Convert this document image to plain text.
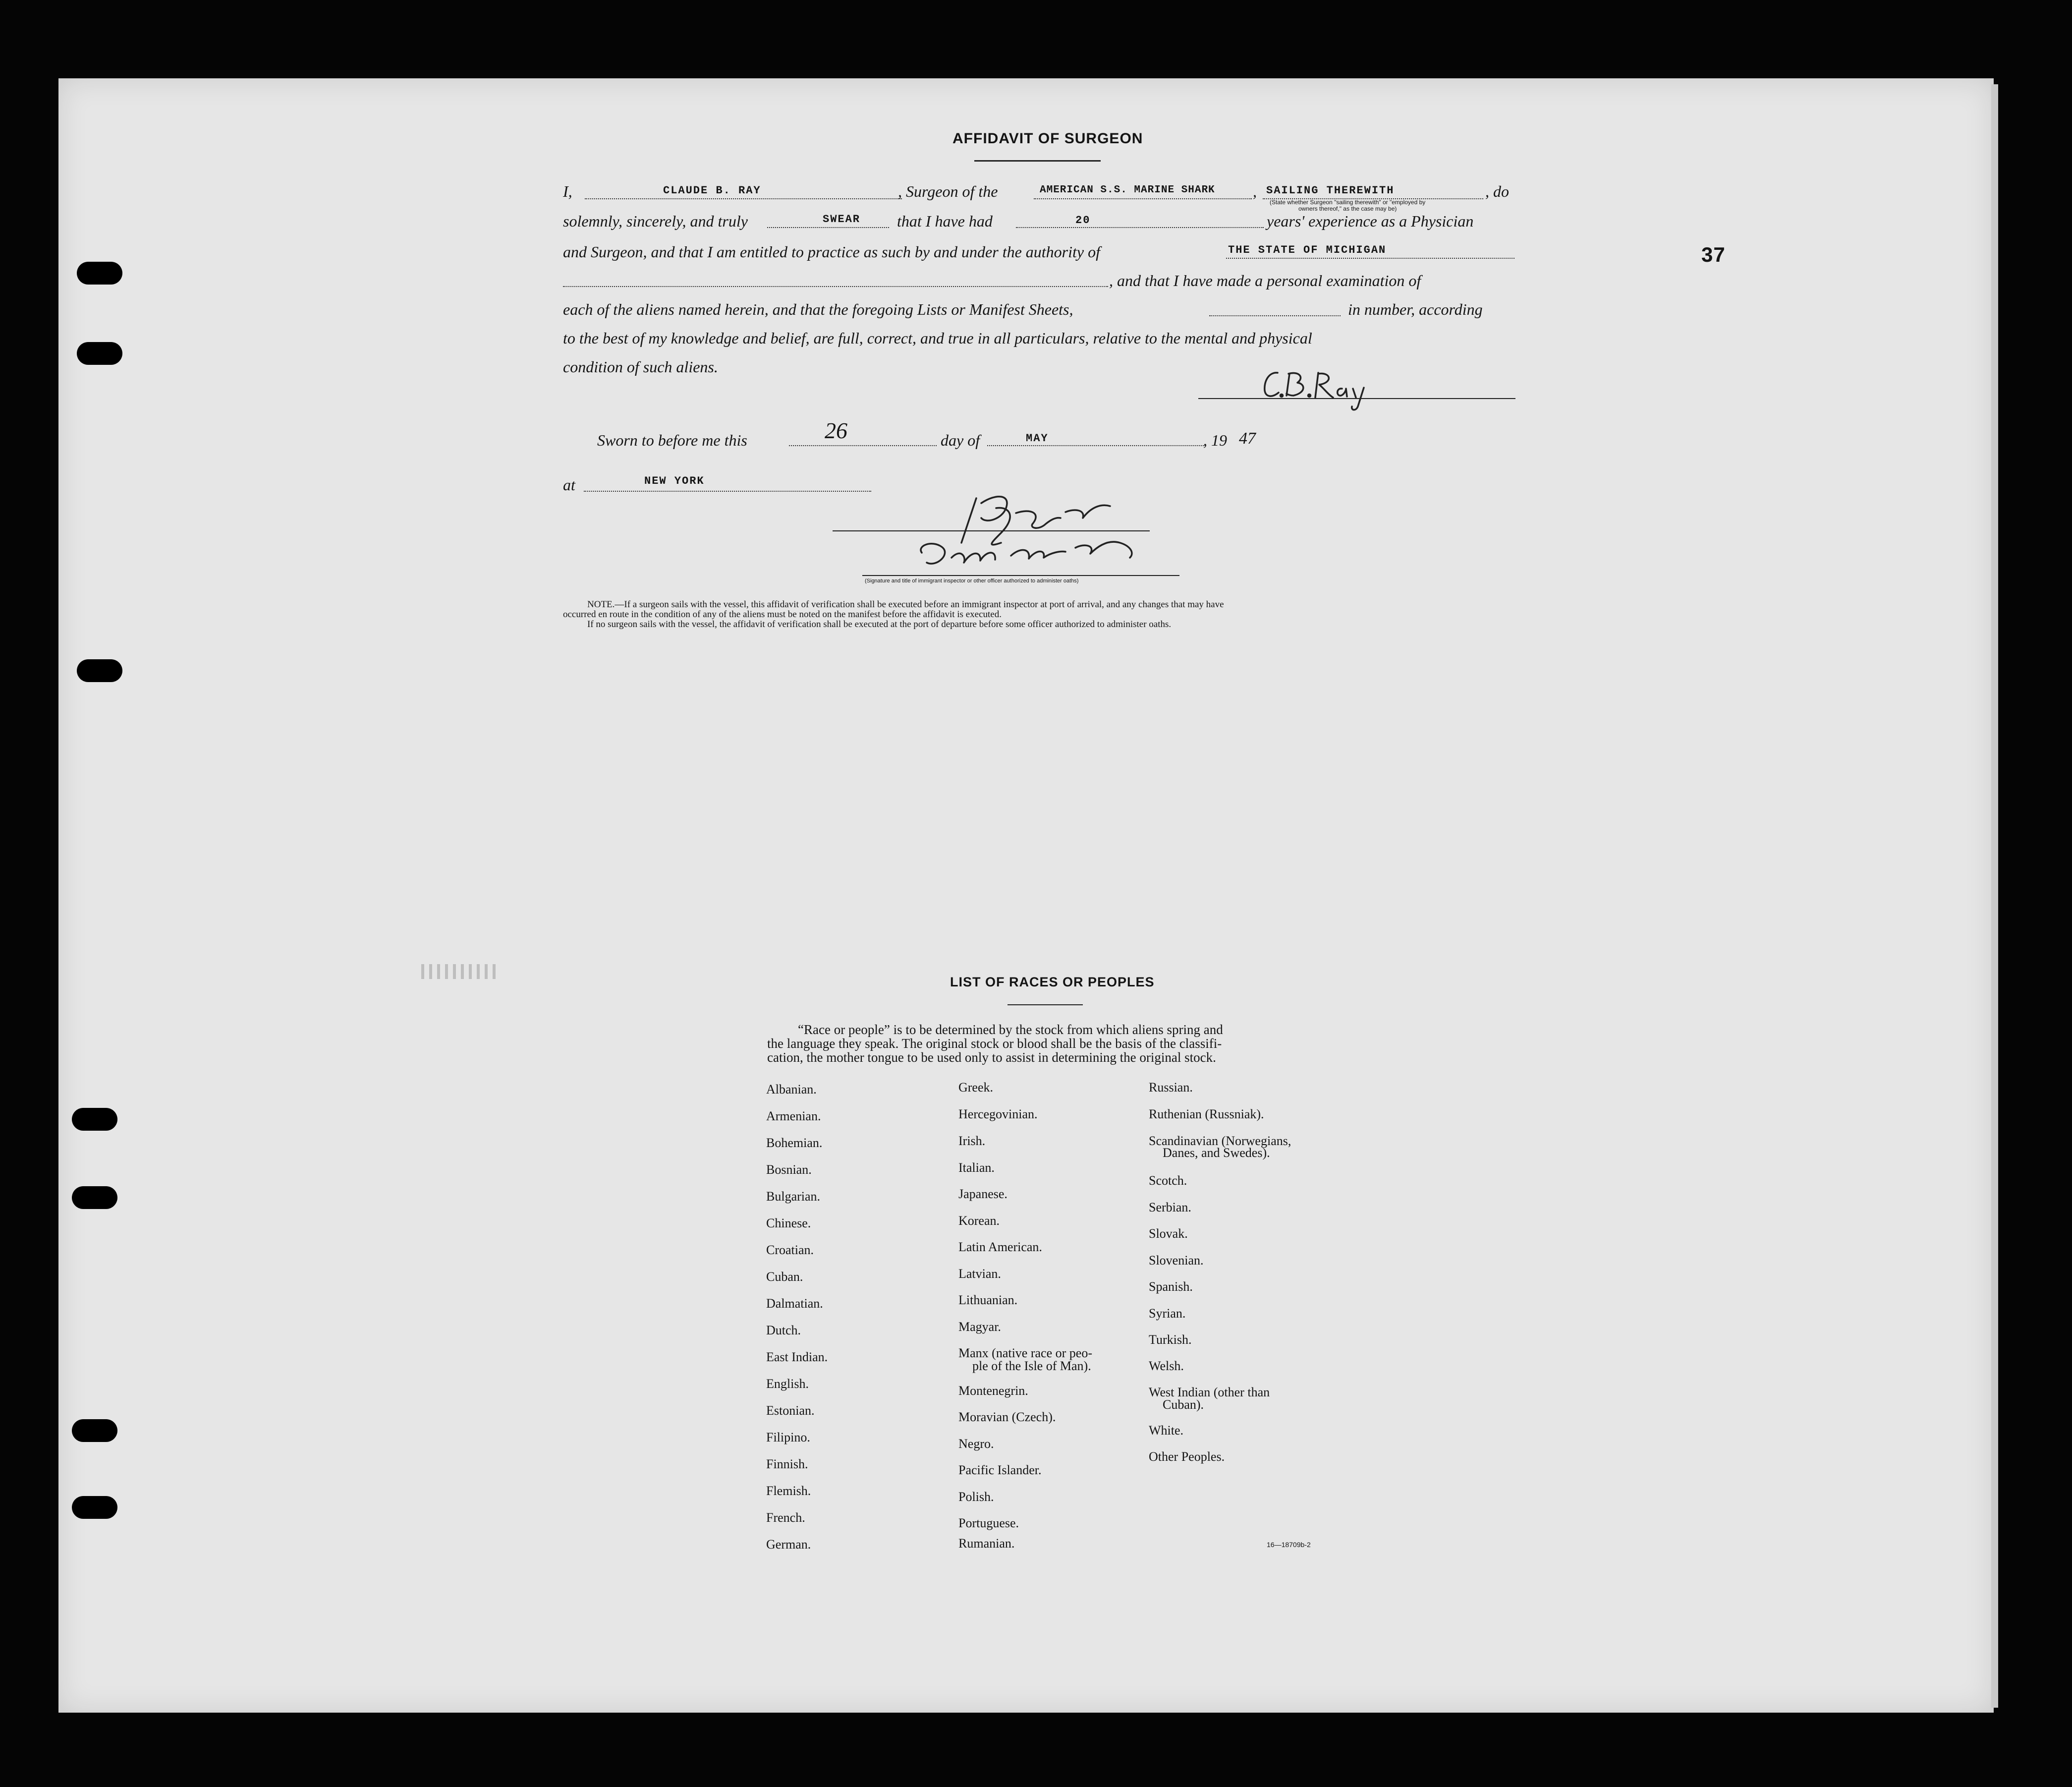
37
AFFIDAVIT OF SURGEON
I,	CLAUDE B. RAY	, Surgeon of the	AMERICAN S.S. MARINE SHARK , SAILING THEREWITH	, do
(State whether Surgeon "sailing therewith" or "employed by
owners thereof," as the case may be)
solemnly, sincerely, and truly	SWEAR that I have had	20	years' experience as a Physician
and Surgeon, and that I am entitled to practice as such by and under the authority of	THE STATE OF MICHIGAN
, and that I have made a personal examination of
each of the aliens named herein, and that the foregoing Lists or Manifest Sheets,	in number, according
to the best of my knowledge and belief, are full, correct, and true in all particulars, relative to the mental and physical
condition of such aliens.
Sworn to before me this	26	day of	MAY	, 19 47
at	NEW YORK
(Signature and title of immigrant inspector or other officer authorized to administer oaths)
NOTE.—If a surgeon sails with the vessel, this affidavit of verification shall be executed before an immigrant inspector at port of arrival, and any changes that may have
occurred en route in the condition of any of the aliens must be noted on the manifest before the affidavit is executed.
If no surgeon sails with the vessel, the affidavit of verification shall be executed at the port of departure before some officer authorized to administer oaths.
LIST OF RACES OR PEOPLES
“Race or people” is to be determined by the stock from which aliens spring and
the language they speak. The original stock or blood shall be the basis of the classifi-
cation, the mother tongue to be used only to assist in determining the original stock.
Albanian.
Armenian.
Bohemian.
Bosnian.
Bulgarian.
Chinese.
Croatian.
Cuban.
Dalmatian.
Dutch.
East Indian.
English.
Estonian.
Filipino.
Finnish.
Flemish.
French.
German.
Greek.
Hercegovinian.
Irish.
Italian.
Japanese.
Korean.
Latin American.
Latvian.
Lithuanian.
Magyar.
Manx (native race or peo-
ple of the Isle of Man).
Montenegrin.
Moravian (Czech).
Negro.
Pacific Islander.
Polish.
Portuguese.
Rumanian.
Russian.
Ruthenian (Russniak).
Scandinavian (Norwegians,
Danes, and Swedes).
Scotch.
Serbian.
Slovak.
Slovenian.
Spanish.
Syrian.
Turkish.
Welsh.
West Indian (other than
Cuban).
White.
Other Peoples.
16—18709b-2
